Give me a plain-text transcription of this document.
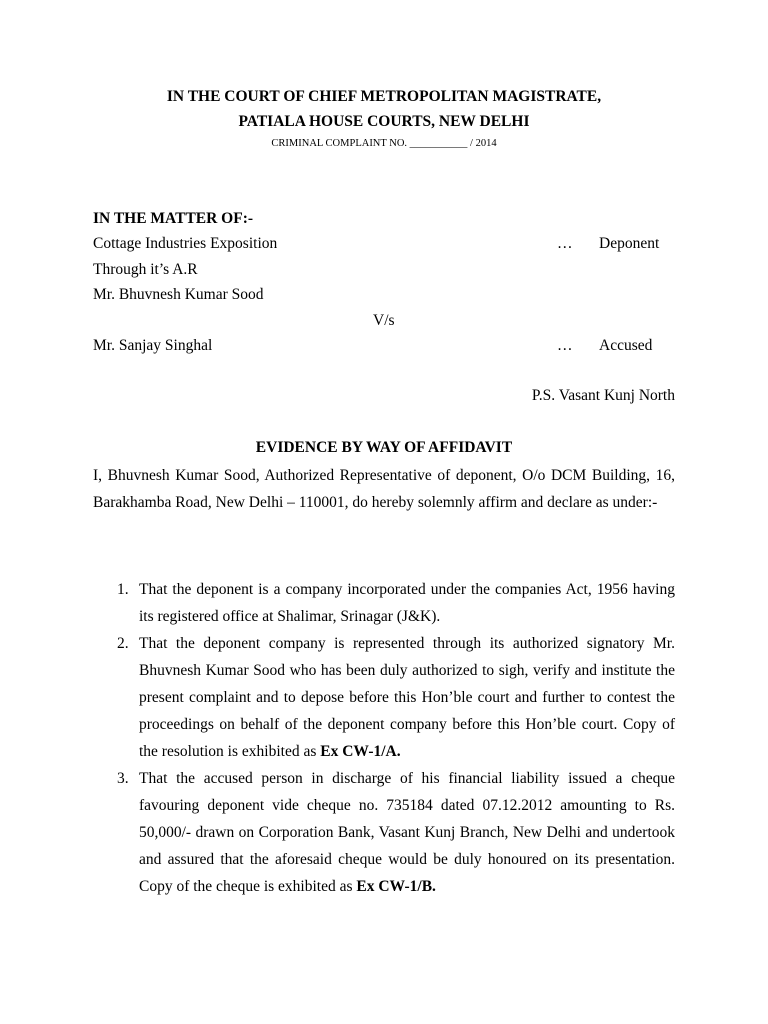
IN THE COURT OF CHIEF METROPOLITAN MAGISTRATE,
PATIALA HOUSE COURTS, NEW DELHI
CRIMINAL COMPLAINT NO. ___________ / 2014
IN THE MATTER OF:-
Cottage Industries Exposition	… Deponent
Through it’s A.R
Mr. Bhuvnesh Kumar Sood
V/s
Mr. Sanjay Singhal	… Accused
P.S. Vasant Kunj North
EVIDENCE BY WAY OF AFFIDAVIT
I, Bhuvnesh Kumar Sood, Authorized Representative of deponent, O/o DCM Building, 16, Barakhamba Road, New Delhi – 110001, do hereby solemnly affirm and declare as under:-
1. That the deponent is a company incorporated under the companies Act, 1956 having its registered office at Shalimar, Srinagar (J&K).
2. That the deponent company is represented through its authorized signatory Mr. Bhuvnesh Kumar Sood who has been duly authorized to sigh, verify and institute the present complaint and to depose before this Hon’ble court and further to contest the proceedings on behalf of the deponent company before this Hon’ble court. Copy of the resolution is exhibited as Ex CW-1/A.
3. That the accused person in discharge of his financial liability issued a cheque favouring deponent vide cheque no. 735184 dated 07.12.2012 amounting to Rs. 50,000/- drawn on Corporation Bank, Vasant Kunj Branch, New Delhi and undertook and assured that the aforesaid cheque would be duly honoured on its presentation. Copy of the cheque is exhibited as Ex CW-1/B.
